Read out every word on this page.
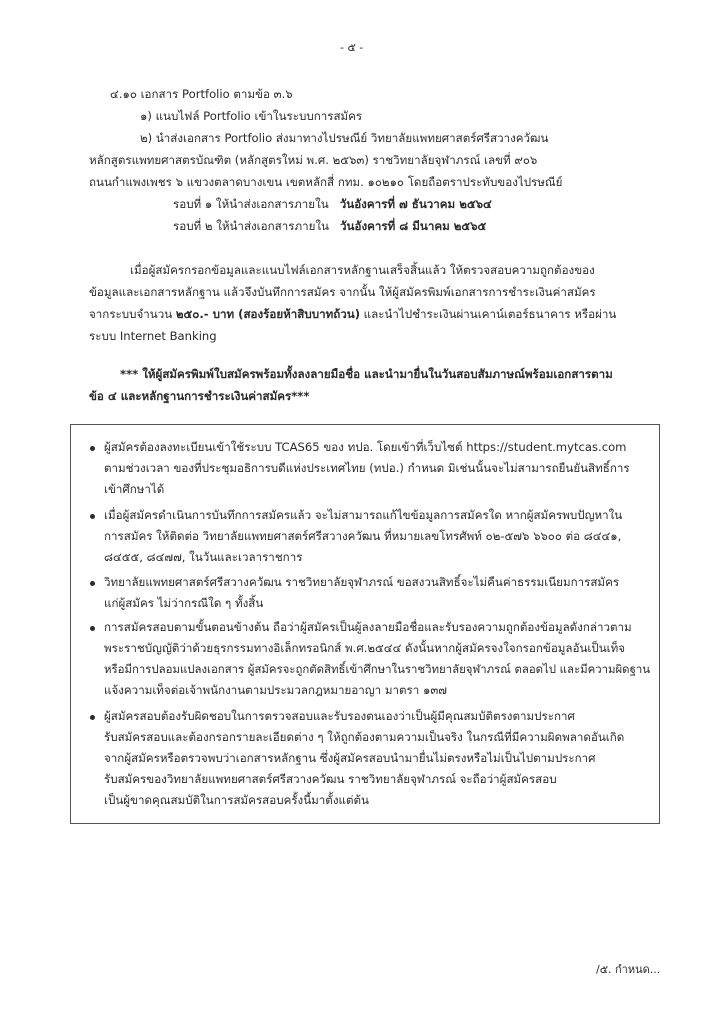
- ๕ -
๔.๑๐ เอกสาร Portfolio ตามข้อ ๓.๖
๑) แนบไฟล์ Portfolio เข้าในระบบการสมัคร
๒) นำส่งเอกสาร Portfolio ส่งมาทางไปรษณีย์ วิทยาลัยแพทยศาสตร์ศรีสวางควัฒน
หลักสูตรแพทยศาสตรบัณฑิต (หลักสูตรใหม่ พ.ศ. ๒๕๖๓) ราชวิทยาลัยจุฬาภรณ์ เลขที่ ๙๐๖
ถนนกำแพงเพชร ๖ แขวงตลาดบางเขน เขตหลักสี่ กทม. ๑๐๒๑๐ โดยถือตราประทับของไปรษณีย์
รอบที่ ๑ ให้นำส่งเอกสารภายใน วันอังคารที่ ๗ ธันวาคม ๒๕๖๔
รอบที่ ๒ ให้นำส่งเอกสารภายใน วันอังคารที่ ๘ มีนาคม ๒๕๖๕
เมื่อผู้สมัครกรอกข้อมูลและแนบไฟล์เอกสารหลักฐานเสร็จสิ้นแล้ว ให้ตรวจสอบความถูกต้องของ
ข้อมูลและเอกสารหลักฐาน แล้วจึงบันทึกการสมัคร จากนั้น ให้ผู้สมัครพิมพ์เอกสารการชำระเงินค่าสมัคร
จากระบบจำนวน ๒๕๐.- บาท (สองร้อยห้าสิบบาทถ้วน) และนำไปชำระเงินผ่านเคาน์เตอร์ธนาคาร หรือผ่าน
ระบบ Internet Banking
*** ให้ผู้สมัครพิมพ์ใบสมัครพร้อมทั้งลงลายมือชื่อ และนำมายื่นในวันสอบสัมภาษณ์พร้อมเอกสารตาม
ข้อ ๔ และหลักฐานการชำระเงินค่าสมัคร***
ผู้สมัครต้องลงทะเบียนเข้าใช้ระบบ TCAS65 ของ ทปอ. โดยเข้าที่เว็บไซต์ https://student.mytcas.com
ตามช่วงเวลา ของที่ประชุมอธิการบดีแห่งประเทศไทย (ทปอ.) กำหนด มิเช่นนั้นจะไม่สามารถยืนยันสิทธิ์การ
เข้าศึกษาได้
เมื่อผู้สมัครดำเนินการบันทึกการสมัครแล้ว จะไม่สามารถแก้ไขข้อมูลการสมัครใด หากผู้สมัครพบปัญหาใน
การสมัคร ให้ติดต่อ วิทยาลัยแพทยศาสตร์ศรีสวางควัฒน ที่หมายเลขโทรศัพท์ ๐๒-๕๗๖ ๖๖๐๐ ต่อ ๘๔๔๑,
๘๔๕๕, ๘๔๗๗, ในวันและเวลาราชการ
วิทยาลัยแพทยศาสตร์ศรีสวางควัฒน ราชวิทยาลัยจุฬาภรณ์ ขอสงวนสิทธิ์จะไม่คืนค่าธรรมเนียมการสมัคร
แก่ผู้สมัคร ไม่ว่ากรณีใด ๆ ทั้งสิ้น
การสมัครสอบตามขั้นตอนข้างต้น ถือว่าผู้สมัครเป็นผู้ลงลายมือชื่อและรับรองความถูกต้องข้อมูลดังกล่าวตาม
พระราชบัญญัติว่าด้วยธุรกรรมทางอิเล็กทรอนิกส์ พ.ศ.๒๕๔๔ ดังนั้นหากผู้สมัครจงใจกรอกข้อมูลอันเป็นเท็จ
หรือมีการปลอมแปลงเอกสาร ผู้สมัครจะถูกตัดสิทธิ์เข้าศึกษาในราชวิทยาลัยจุฬาภรณ์ ตลอดไป และมีความผิดฐาน
แจ้งความเท็จต่อเจ้าพนักงานตามประมวลกฎหมายอาญา มาตรา ๑๓๗
ผู้สมัครสอบต้องรับผิดชอบในการตรวจสอบและรับรองตนเองว่าเป็นผู้มีคุณสมบัติตรงตามประกาศ
รับสมัครสอบและต้องกรอกรายละเอียดต่าง ๆ ให้ถูกต้องตามความเป็นจริง ในกรณีที่มีความผิดพลาดอันเกิด
จากผู้สมัครหรือตรวจพบว่าเอกสารหลักฐาน ซึ่งผู้สมัครสอบนำมายื่นไม่ตรงหรือไม่เป็นไปตามประกาศ
รับสมัครของวิทยาลัยแพทยศาสตร์ศรีสวางควัฒน ราชวิทยาลัยจุฬาภรณ์ จะถือว่าผู้สมัครสอบ
เป็นผู้ขาดคุณสมบัติในการสมัครสอบครั้งนี้มาตั้งแต่ต้น
/๕. กำหนด...
